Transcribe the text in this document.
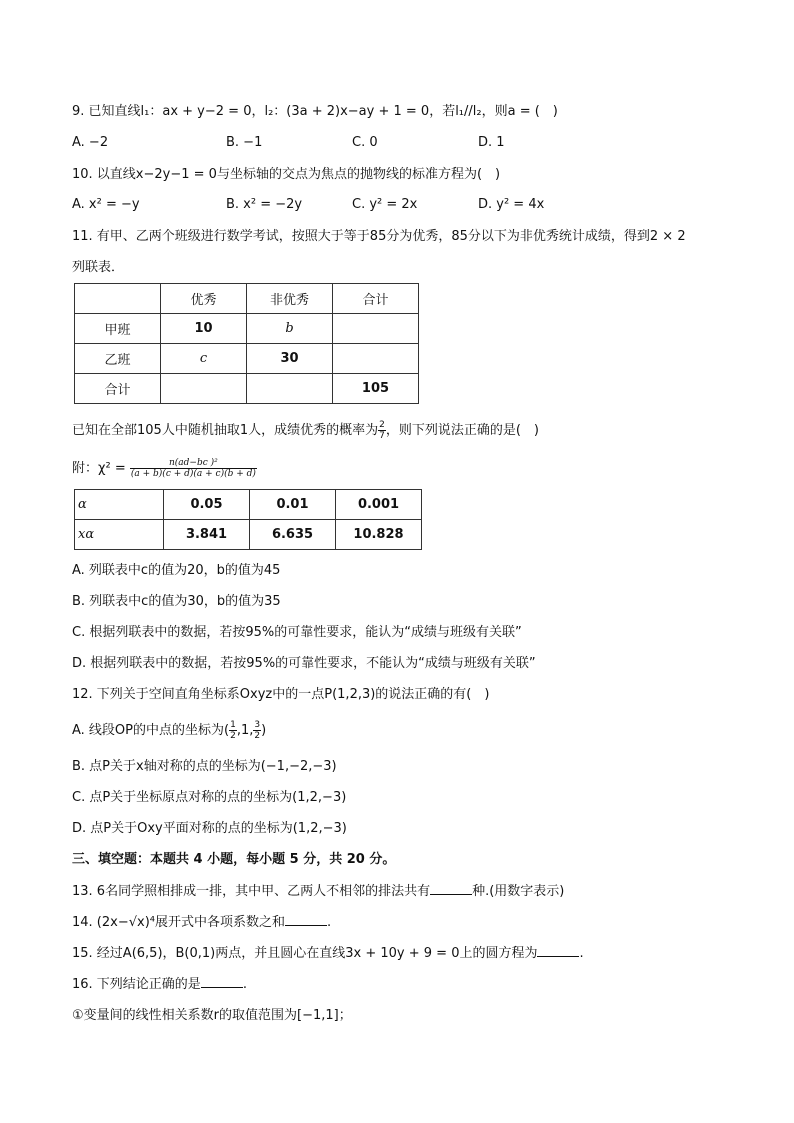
9. 已知直线l₁：ax + y−2 = 0，l₂：(3a + 2)x−ay + 1 = 0，若l₁//l₂，则a = (　)
A. −2	B. −1	C. 0	D. 1
10. 以直线x−2y−1 = 0与坐标轴的交点为焦点的抛物线的标准方程为(　)
A. x² = −y	B. x² = −2y	C. y² = 2x	D. y² = 4x
11. 有甲、乙两个班级进行数学考试，按照大于等于85分为优秀，85分以下为非优秀统计成绩，得到2 × 2
列联表．
	优秀	非优秀	合计
甲班	10	b	
乙班	c	30	
合计			105
已知在全部105人中随机抽取1人，成绩优秀的概率为 $\frac{2}{7}$ ，则下列说法正确的是(　)
附：$\chi^2 = \frac{\text{n(ad−bc )²}}{(a + b)(c + d)(a + c)(b + d)}$
α	0.05	0.01	0.001
xα	3.841	6.635	10.828
A. 列联表中c的值为20，b的值为45
B. 列联表中c的值为30，b的值为35
C. 根据列联表中的数据，若按95%的可靠性要求，能认为“成绩与班级有关联”
D. 根据列联表中的数据，若按95%的可靠性要求，不能认为“成绩与班级有关联”
12. 下列关于空间直角坐标系Oxyz中的一点P(1,2,3)的说法正确的有(　)
A. 线段OP的中点的坐标为( $\frac{1}{2} ,1$, $\frac{3}{2}$ )
B. 点P关于x轴对称的点的坐标为(−1,−2,−3)
C. 点P关于坐标原点对称的点的坐标为(1,2,−3)
D. 点P关于Oxy平面对称的点的坐标为(1,2,−3)
三、填空题：本题共 4 小题，每小题 5 分，共 20 分。
13. 6名同学照相排成一排，其中甲、乙两人不相邻的排法共有	种.(用数字表示)
14. (2x−√x)⁴展开式中各项系数之和	.
15. 经过A(6,5)，B(0,1)两点，并且圆心在直线3x + 10y + 9 = 0上的圆方程为	.
16. 下列结论正确的是	.
①变量间的线性相关系数r的取值范围为[−1,1]；
